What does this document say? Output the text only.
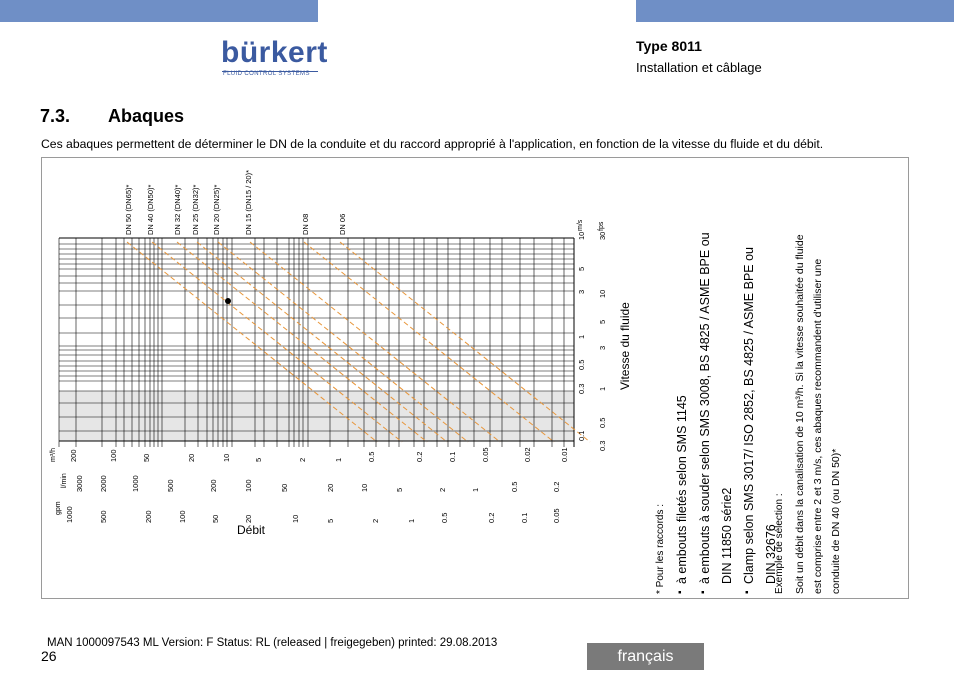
bürkert
FLUID CONTROL SYSTEMS
Type 8011
Installation et câblage
7.3. Abaques
Ces abaques permettent de déterminer le DN de la conduite et du raccord approprié à l'application, en fonction de la vitesse du fluide et du débit.
DN 50 (DN65)* DN 40 (DN50)* DN 32 (DN40)* DN 25 (DN32)* DN 20 (DN25)*	DN 15 (DN15 / 20)*	DN 08	DN 06	m/s fps
10
5
3
1
0.5
0.3
0.1
30
10
5
3
1
0.5
0.3
Vitesse du fluide
m³/h 200	100	50	20	10	5	2	1	0.5	0.2	0.1	0.05	0.02	0.01
l/min 3000 2000	1000	500	200	100	50	20	10	5	2	1	0.5	0.2
gpm 1000	500	200	100	50	20	10	5	2	1	0.5	0.2	0.1	0.05
Débit	* Pour les raccords : ▪
à embouts filetés selon SMS 1145
▪
à embouts à souder selon SMS 3008, BS 4825 / ASME BPE ou DIN 11850 série2
▪
Clamp selon SMS 3017/ ISO 2852, BS 4825 / ASME BPE ou DIN 32676
Exemple de sélection : Soit un débit dans la canalisation de 10 m³/h. Si la vitesse souhaitée du fluide est comprise entre 2 et 3 m/s, ces abaques recommandent d'utiliser une conduite de DN 40 (ou DN 50)*
MAN 1000097543 ML Version: F Status: RL (released | freigegeben) printed: 29.08.2013
26	français
